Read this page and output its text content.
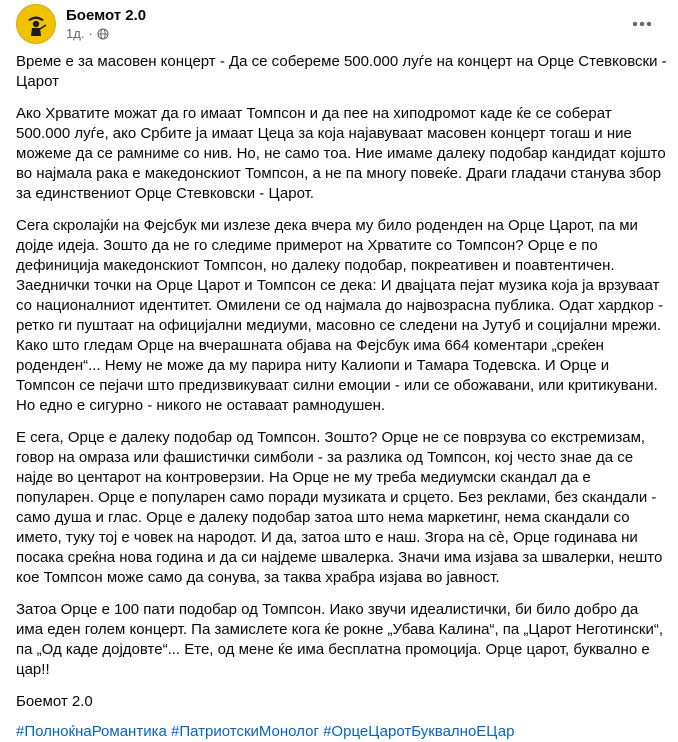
Боемот 2.0
1д. ·

Време е за масовен концерт - Да се собереме 500.000 луѓе на концерт на Орце Стевковски - Царот

Ако Хрватите можат да го имаат Томпсон и да пее на хиподромот каде ќе се соберат 500.000 луѓе, ако Србите ја имаат Цеца за која најавуваат масовен концерт тогаш и ние можеме да се рамниме со нив. Но, не само тоа. Ние имаме далеку подобар кандидат којшто во најмала рака е македонскиот Томпсон, а не па многу повеќе. Драги гладачи станува збор за единствениот Орце Стевковски - Царот.

Сега скролајќи на Фејсбук ми излезе дека вчера му било роденден на Орце Царот, па ми дојде идеја. Зошто да не го следиме примерот на Хрватите со Томпсон? Орце е по дефиниција македонскиот Томпсон, но далеку подобар, покреативен и поавтентичен. Заеднички точки на Орце Царот и Томпсон се дека: И двајцата пејат музика која ја врзуваат со националниот идентитет. Омилени се од најмала до највозрасна публика. Одат хардкор - ретко ги пуштаат на официјални медиуми, масовно се следени на Јутуб и социјални мрежи. Како што гледам Орце на вчерашната објава на Фејсбук има 664 коментари „среќен роденден“... Нему не може да му парира ниту Калиопи и Тамара Тодевска. И Орце и Томпсон се пејачи што предизвикуваат силни емоции - или се обожавани, или критикувани. Но едно е сигурно - никого не оставаат рамнодушен.

Е сега, Орце е далеку подобар од Томпсон. Зошто? Орце не се поврзува со екстремизам, говор на омраза или фашистички симболи - за разлика од Томпсон, кој често знае да се најде во центарот на контроверзии. На Орце не му треба медиумски скандал да е популарен. Орце е популарен само поради музиката и срцето. Без реклами, без скандали - само душа и глас. Орце е далеку подобар затоа што нема маркетинг, нема скандали со името, туку тој е човек на народот. И да, затоа што е наш. Згора на сè, Орце годинава ни посака среќна нова година и да си најдеме швалерка. Значи има изјава за швалерки, нешто кое Томпсон може само да сонува, за таква храбра изјава во јавност.

Затоа Орце е 100 пати подобар од Томпсон. Иако звучи идеалистички, би било добро да има еден голем концерт. Па замислете кога ќе рокне „Убава Калина“, па „Царот Неготински“, па „Од каде дојдовте“... Ете, од мене ќе има бесплатна промоција. Орце царот, буквално е цар!!

Боемот 2.0

#ПолноќнаРомантика #ПатриотскиМонолог #ОрцеЦаротБуквалноЕЦар
